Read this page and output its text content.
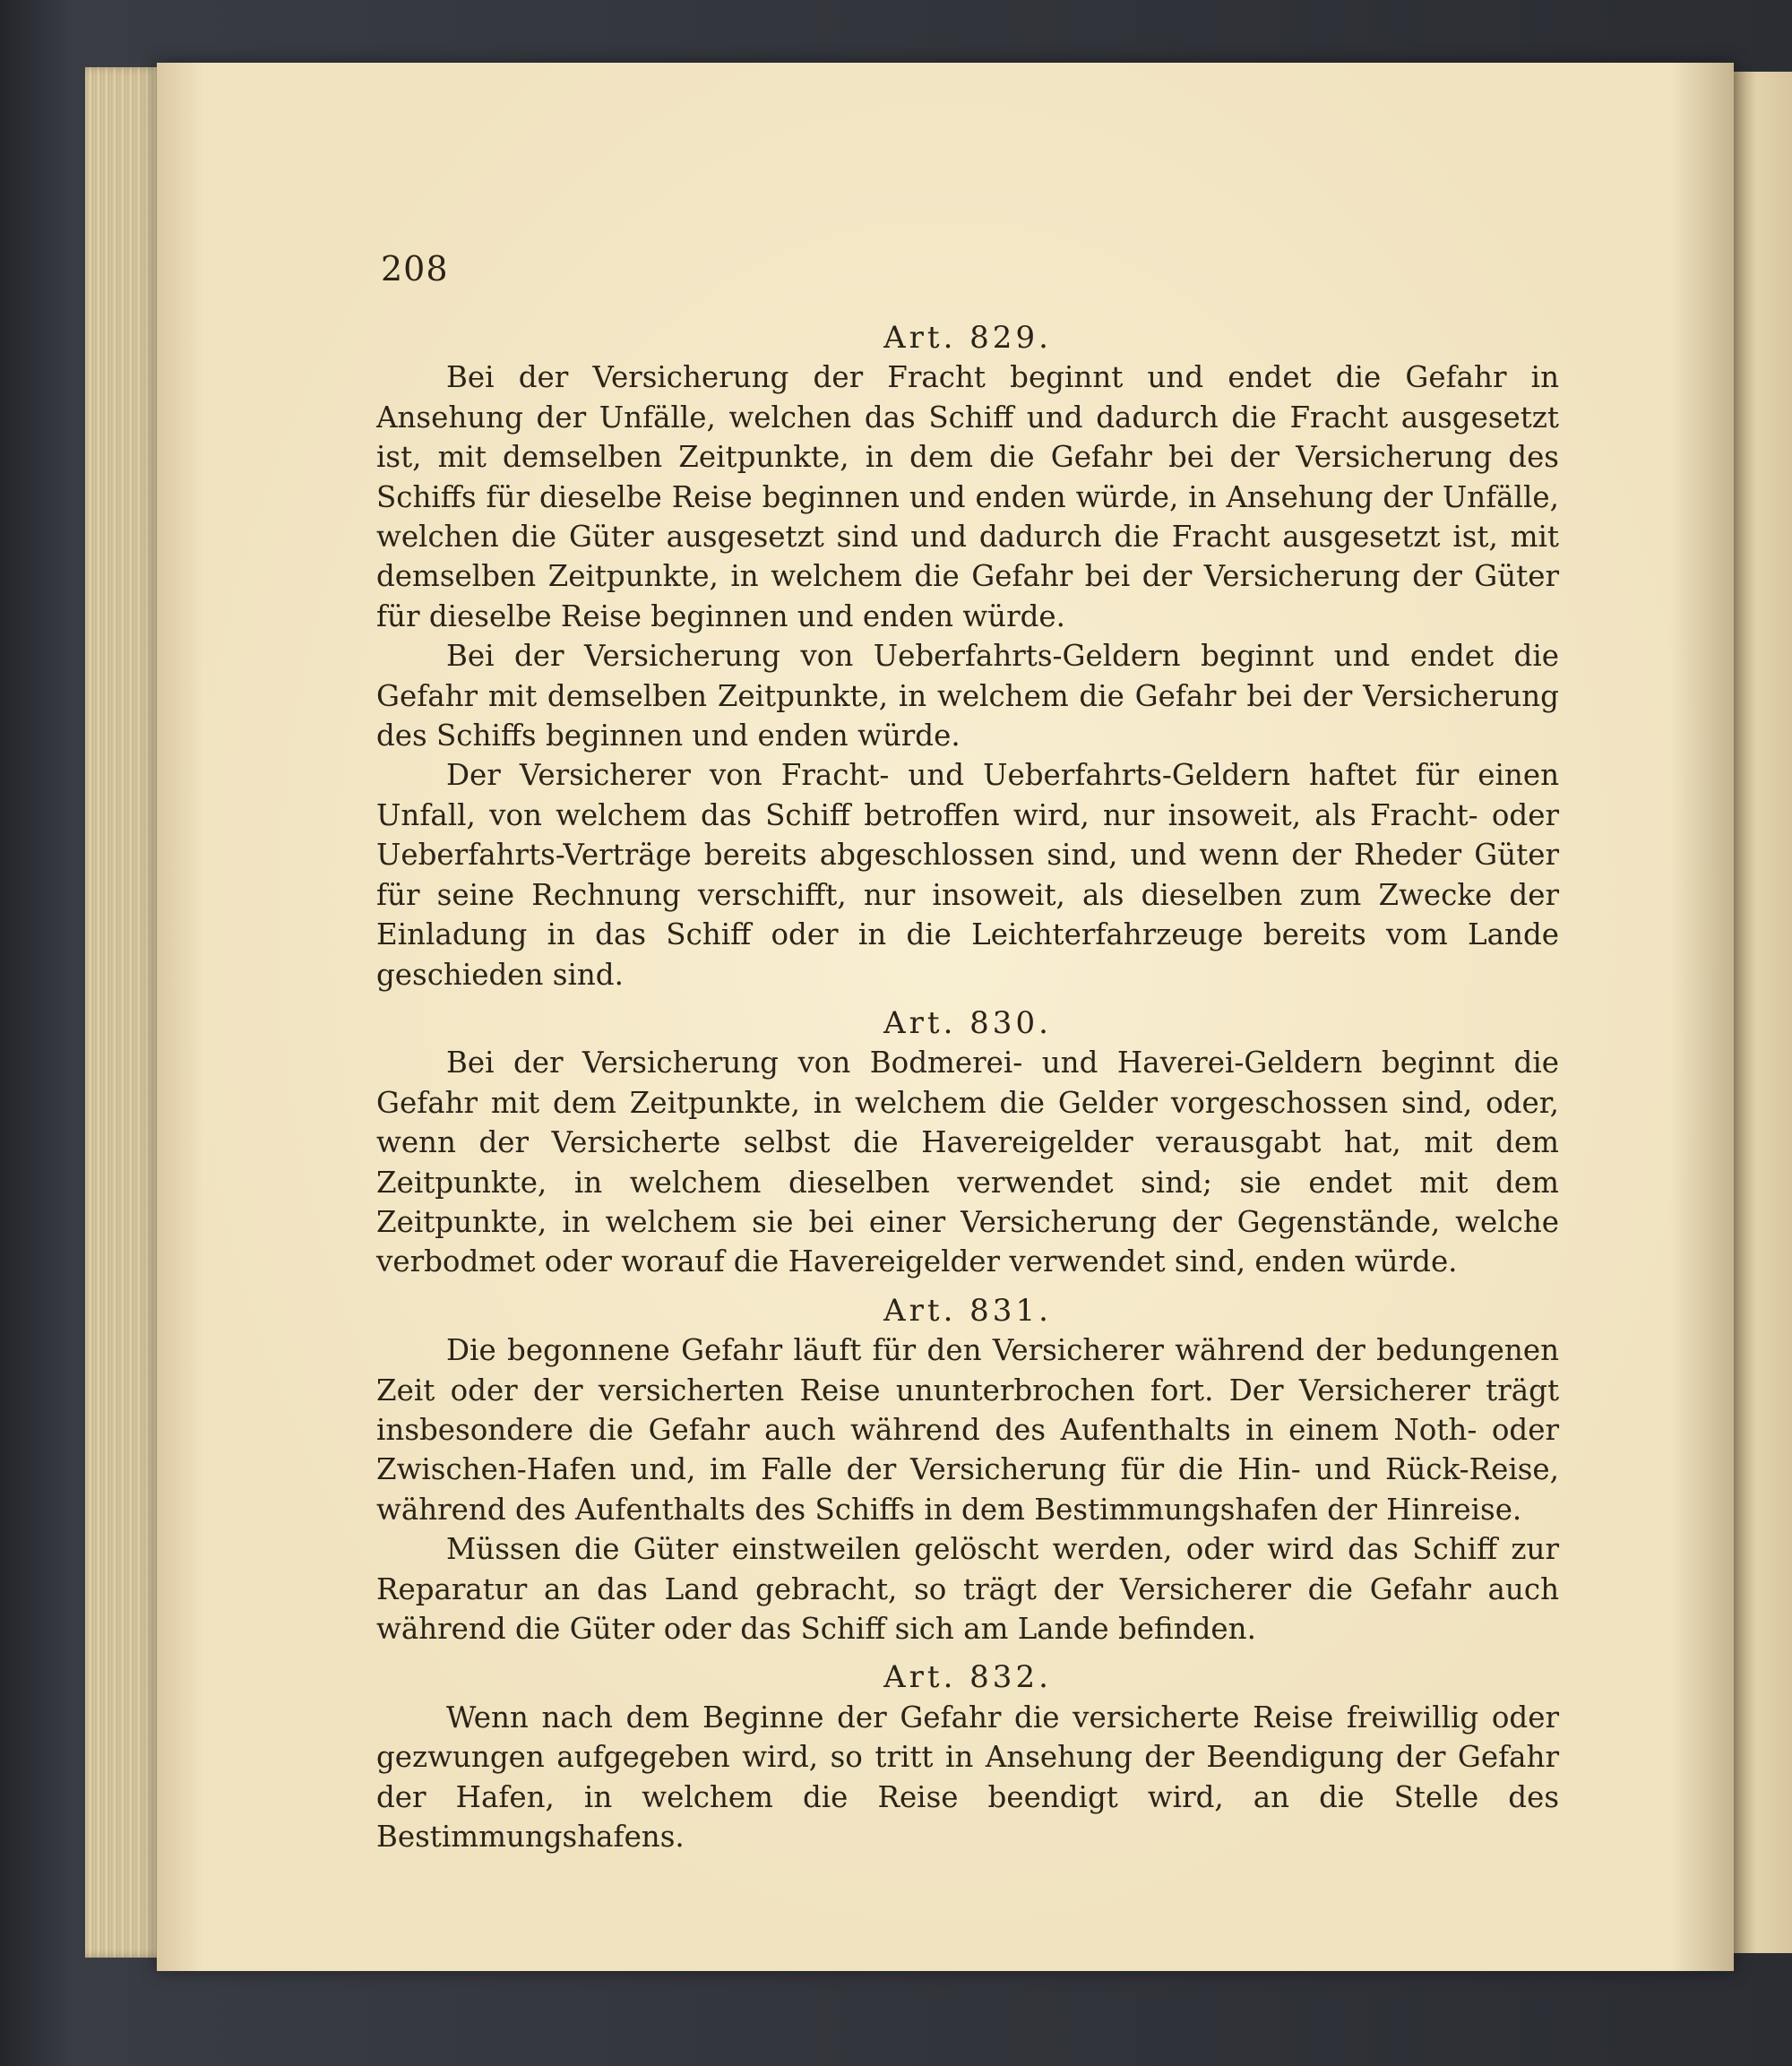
208

Art. 829.

Bei der Versicherung der Fracht beginnt und endet die Gefahr in Ansehung der Unfälle, welchen das Schiff und dadurch die Fracht ausgesetzt ist, mit demselben Zeitpunkte, in dem die Gefahr bei der Versicherung des Schiffs für dieselbe Reise beginnen und enden würde, in Ansehung der Unfälle, welchen die Güter ausgesetzt sind und dadurch die Fracht ausgesetzt ist, mit demselben Zeitpunkte, in welchem die Gefahr bei der Versicherung der Güter für dieselbe Reise beginnen und enden würde.

Bei der Versicherung von Ueberfahrts-Geldern beginnt und endet die Gefahr mit demselben Zeitpunkte, in welchem die Gefahr bei der Versicherung des Schiffs beginnen und enden würde.

Der Versicherer von Fracht- und Ueberfahrts-Geldern haftet für einen Unfall, von welchem das Schiff betroffen wird, nur insoweit, als Fracht- oder Ueberfahrts-Verträge bereits abgeschlossen sind, und wenn der Rheder Güter für seine Rechnung verschifft, nur insoweit, als dieselben zum Zwecke der Einladung in das Schiff oder in die Leichterfahrzeuge bereits vom Lande geschieden sind.

Art. 830.

Bei der Versicherung von Bodmerei- und Haverei-Geldern beginnt die Gefahr mit dem Zeitpunkte, in welchem die Gelder vorgeschossen sind, oder, wenn der Versicherte selbst die Havereigelder verausgabt hat, mit dem Zeitpunkte, in welchem dieselben verwendet sind; sie endet mit dem Zeitpunkte, in welchem sie bei einer Versicherung der Gegenstände, welche verbodmet oder worauf die Havereigelder verwendet sind, enden würde.

Art. 831.

Die begonnene Gefahr läuft für den Versicherer während der bedungenen Zeit oder der versicherten Reise ununterbrochen fort. Der Versicherer trägt insbesondere die Gefahr auch während des Aufenthalts in einem Noth- oder Zwischen-Hafen und, im Falle der Versicherung für die Hin- und Rück-Reise, während des Aufenthalts des Schiffs in dem Bestimmungshafen der Hinreise.

Müssen die Güter einstweilen gelöscht werden, oder wird das Schiff zur Reparatur an das Land gebracht, so trägt der Versicherer die Gefahr auch während die Güter oder das Schiff sich am Lande befinden.

Art. 832.

Wenn nach dem Beginne der Gefahr die versicherte Reise freiwillig oder gezwungen aufgegeben wird, so tritt in Ansehung der Beendigung der Gefahr der Hafen, in welchem die Reise beendigt wird, an die Stelle des Bestimmungshafens.
